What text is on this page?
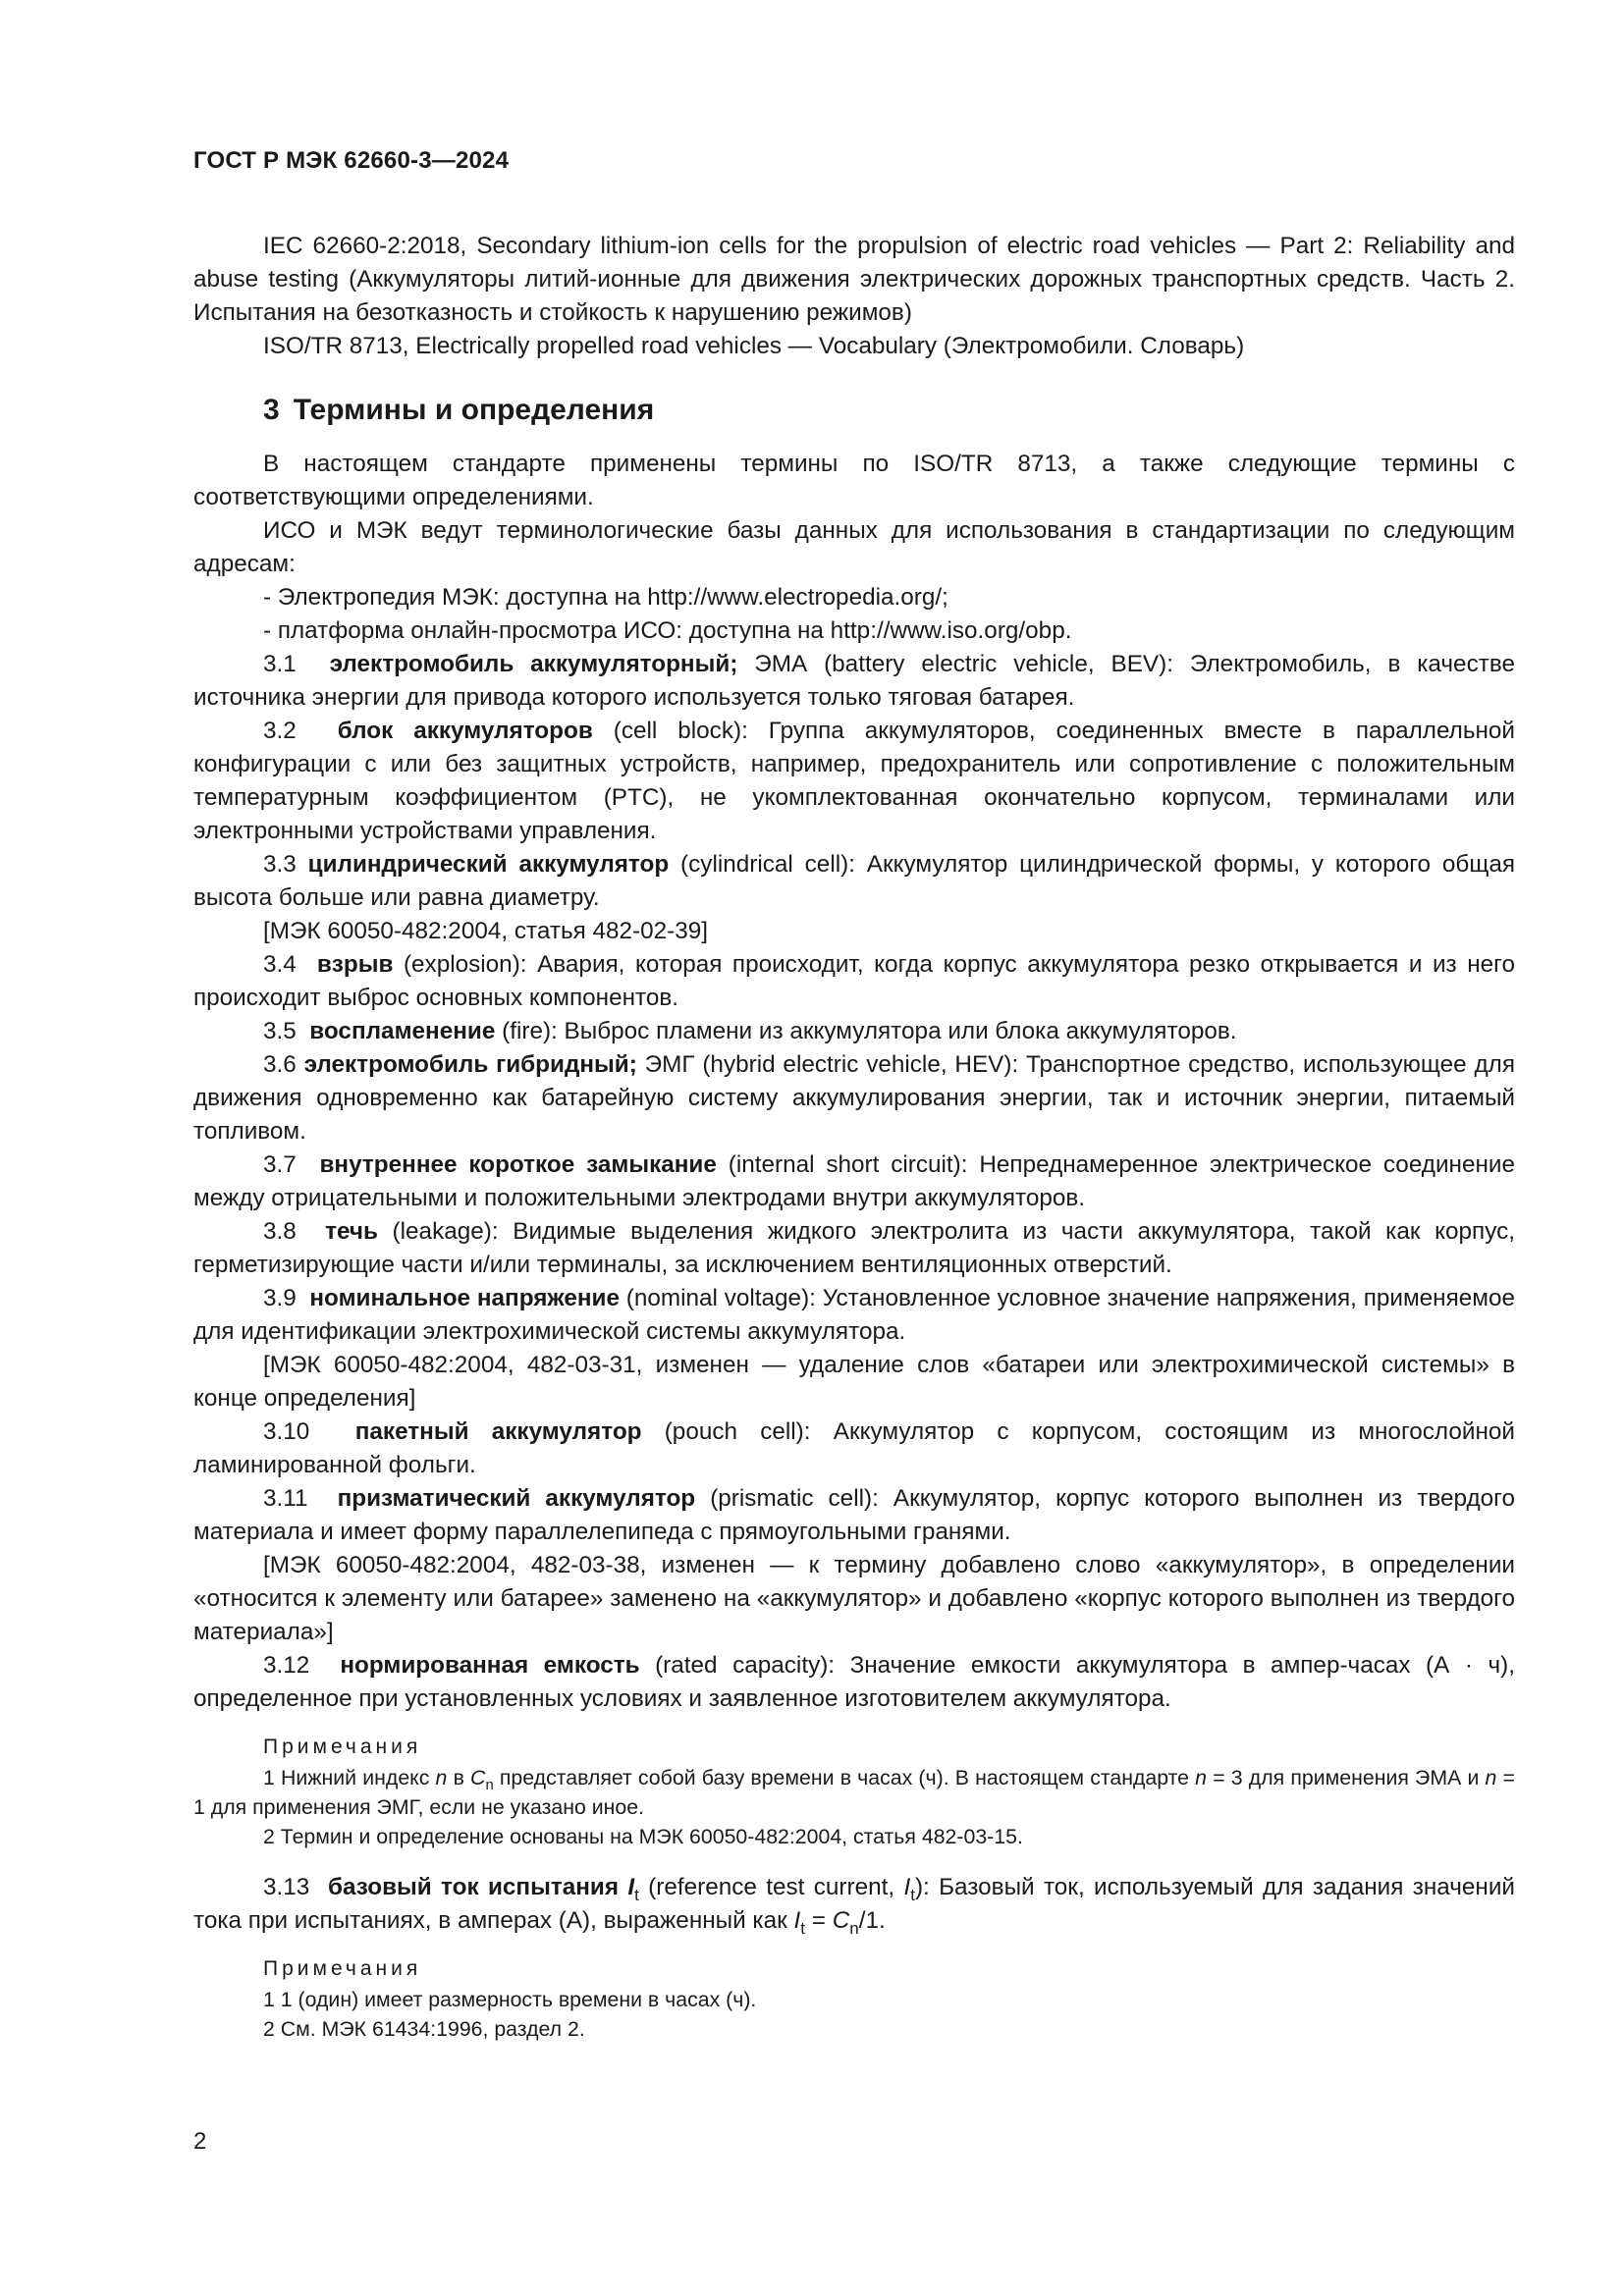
ГОСТ Р МЭК 62660-3—2024

IEC 62660-2:2018, Secondary lithium-ion cells for the propulsion of electric road vehicles — Part 2: Reliability and abuse testing (Аккумуляторы литий-ионные для движения электрических дорожных транспортных средств. Часть 2. Испытания на безотказность и стойкость к нарушению режимов)

ISO/TR 8713, Electrically propelled road vehicles — Vocabulary (Электромобили. Словарь)

3 Термины и определения

В настоящем стандарте применены термины по ISO/TR 8713, а также следующие термины с соответствующими определениями.

ИСО и МЭК ведут терминологические базы данных для использования в стандартизации по следующим адресам:

- Электропедия МЭК: доступна на http://www.electropedia.org/;

- платформа онлайн-просмотра ИСО: доступна на http://www.iso.org/obp.

3.1 электромобиль аккумуляторный; ЭМА (battery electric vehicle, BEV): Электромобиль, в качестве источника энергии для привода которого используется только тяговая батарея.

3.2 блок аккумуляторов (cell block): Группа аккумуляторов, соединенных вместе в параллельной конфигурации с или без защитных устройств, например, предохранитель или сопротивление с положительным температурным коэффициентом (PTC), не укомплектованная окончательно корпусом, терминалами или электронными устройствами управления.

3.3 цилиндрический аккумулятор (cylindrical cell): Аккумулятор цилиндрической формы, у которого общая высота больше или равна диаметру.

[МЭК 60050-482:2004, статья 482-02-39]

3.4 взрыв (explosion): Авария, которая происходит, когда корпус аккумулятора резко открывается и из него происходит выброс основных компонентов.

3.5 воспламенение (fire): Выброс пламени из аккумулятора или блока аккумуляторов.

3.6 электромобиль гибридный; ЭМГ (hybrid electric vehicle, HEV): Транспортное средство, использующее для движения одновременно как батарейную систему аккумулирования энергии, так и источник энергии, питаемый топливом.

3.7 внутреннее короткое замыкание (internal short circuit): Непреднамеренное электрическое соединение между отрицательными и положительными электродами внутри аккумуляторов.

3.8 течь (leakage): Видимые выделения жидкого электролита из части аккумулятора, такой как корпус, герметизирующие части и/или терминалы, за исключением вентиляционных отверстий.

3.9 номинальное напряжение (nominal voltage): Установленное условное значение напряжения, применяемое для идентификации электрохимической системы аккумулятора.

[МЭК 60050-482:2004, 482-03-31, изменен — удаление слов «батареи или электрохимической системы» в конце определения]

3.10 пакетный аккумулятор (pouch cell): Аккумулятор с корпусом, состоящим из многослойной ламинированной фольги.

3.11 призматический аккумулятор (prismatic cell): Аккумулятор, корпус которого выполнен из твердого материала и имеет форму параллелепипеда с прямоугольными гранями.

[МЭК 60050-482:2004, 482-03-38, изменен — к термину добавлено слово «аккумулятор», в определении «относится к элементу или батарее» заменено на «аккумулятор» и добавлено «корпус которого выполнен из твердого материала»]

3.12 нормированная емкость (rated capacity): Значение емкости аккумулятора в ампер-часах (А · ч), определенное при установленных условиях и заявленное изготовителем аккумулятора.

Примечания

1 Нижний индекс n в $C_n$ представляет собой базу времени в часах (ч). В настоящем стандарте n = 3 для применения ЭМА и n = 1 для применения ЭМГ, если не указано иное.

2 Термин и определение основаны на МЭК 60050-482:2004, статья 482-03-15.

3.13 базовый ток испытания $I_t$ (reference test current, $I_t$): Базовый ток, используемый для задания значений тока при испытаниях, в амперах (А), выраженный как $I_t = C_n/1$.

Примечания

1 1 (один) имеет размерность времени в часах (ч).

2 См. МЭК 61434:1996, раздел 2.

2
